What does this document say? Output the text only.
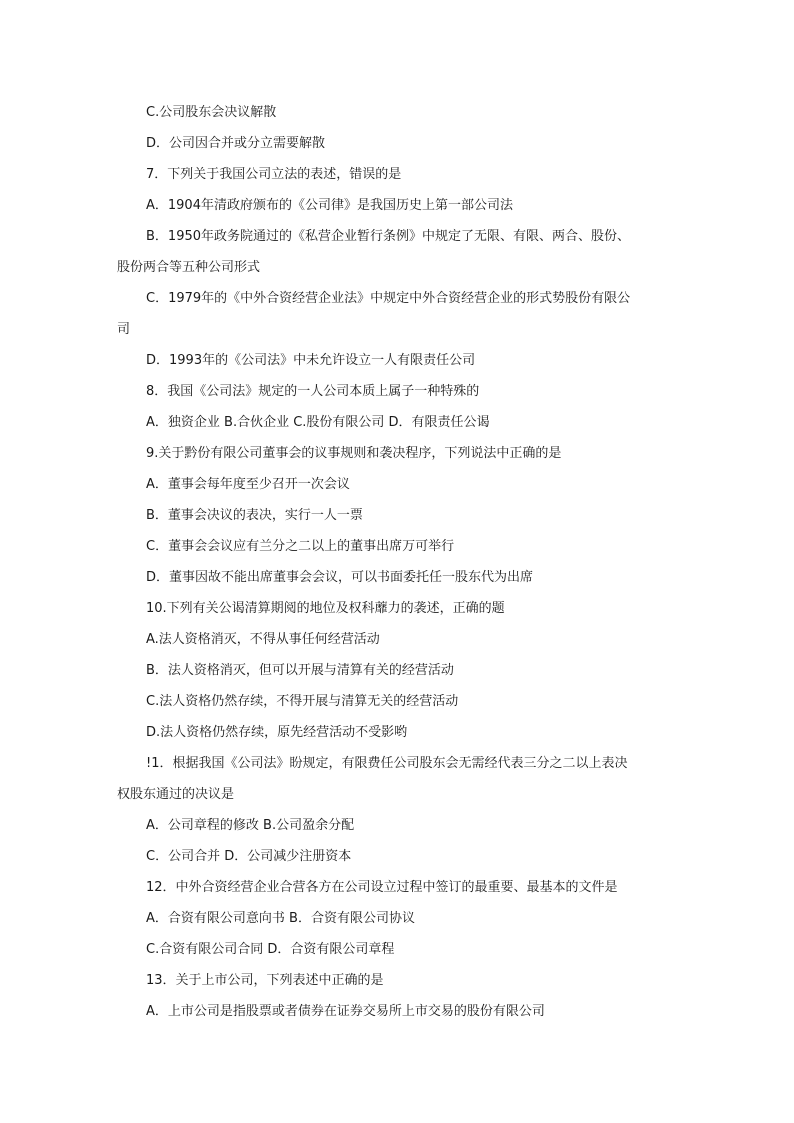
C.公司股东会决议解散
D．公司因合并或分立需要解散
7．下列关于我国公司立法的表述，错误的是
A．1904年清政府颁布的《公司律》是我国历史上第一部公司法
B．1950年政务院通过的《私营企业暂行条例》中规定了无限、有限、两合、股份、
股份两合等五种公司形式
C．1979年的《中外合资经营企业法》中规定中外合资经营企业的形式势股份有限公
司
D．1993年的《公司法》中未允许设立一人有限责任公司
8．我国《公司法》规定的一人公司本质上属子一种特殊的
A．独资企业 B.合伙企业 C.股份有限公司 D．有限责任公谒
9.关于黔份有限公司董事会的议事规则和袭决程序，下列说法中正确的是
A．董事会每年度至少召开一次会议
B．董事会决议的表决，实行一人一票
C．董事会会议应有兰分之二以上的董事出席万可举行
D．董事因故不能出席董事会会议，可以书面委托任一股东代为出席
10.下列有关公谒清算期阅的地位及权科蘼力的袭述，正确的题
A.法人资格消灭，不得从事任何经营活动
B．法人资格消灭，但可以开展与清算有关的经营活动
C.法人资格仍然存续，不得开展与清算无关的经营活动
D.法人资格仍然存续，原先经营活动不受影哟
!1．根据我国《公司法》盼规定，有限费任公司股东会无需经代表三分之二以上表决
权股东通过的决议是
A．公司章程的修改 B.公司盈余分配
C．公司合并 D．公司减少注册资本
12．中外合资经营企业合营各方在公司设立过程中签订的最重要、最基本的文件是
A．合资有限公司意向书 B．合资有限公司协议
C.合资有限公司合同 D．合资有限公司章程
13．关于上市公司，下列表述中正确的是
A．上市公司是指股票或者债券在证券交易所上市交易的股份有限公司
